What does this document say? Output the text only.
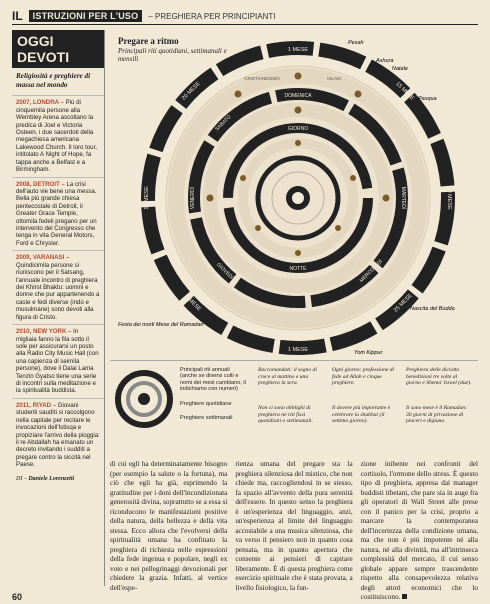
IL	ISTRUZIONI PER L'USO	– PREGHIERA PER PRINCIPIANTI
OGGI DEVOTI
Religiosità e preghiere di massa nel mondo
2007, LONDRA – Più di cinquemila persone alla Wembley Arena ascoltano la predica di Joel e Victoria Osteen, i due sacerdoti della megachiesa americana Lakewood Church. Il loro tour, intitolato A Night of Hope, fa tappa anche a Belfast e a Birmingham.
2008, DETROIT – La crisi dell'auto vie bene una messa. Bella più grande chiesa pentecostale di Detroit, il Greater Grace Temple, ottomila fedeli pregano per un intervento del Congresso che tenga in vita General Motors, Ford e Chrysler.
2009, VARANASI – Quindicimila persone si riuniscono per il Satsang, l'annuale incontro di preghiera dei Khirst Bhaktu: uomini e donne che pur appartenendo a caste e fedi diverse (indù e musulmane) sono devoti alla figura di Cristo.
2010, NEW YORK – In migliaia fanno la fila sotto il sole per assicurarsi un posto alla Radio City Music Hall (con una capienza di seimila persone), dove il Dalai Lama Tenzin Gyatso tiene una serie di incontri sulla meditazione e la spiritualità buddista.
2011, RIYAD – Giovani studenti saudìti si raccolgono nella capitale per recitare le invocazioni dell'Istisqa e propiziare l'arrivo della pioggia: il re Abdallah ha emanato un decreto invitando i sudditi a pregare contro la siccità nel Paese.
DI – Daniele Lorenzetti
Pregare a ritmo
Principali riti quotidiani, settimanali e mensili
1 MESE
1 MESE
30 MESE
10 MESE
15 MESE
20 MESE
5 MESE	25 MESE
DOMENICA
SABATO
MARTEDÌ
MERCOLEDÌ
GIOVEDÌ
VENERDÌ
GIORNO
NOTTE
CRISTIANESIMO	ISLAM
Pesah
Ashura
Natale
Pasqua
Nascita del Budda
Yom Kippur
Festa dei morti Mese del Ramadan
Principali riti annuali (anche se diversi culti e nomi dei mesi cambiano, li indichiamo con numeri)
Preghiere quotidiane
Preghiere settimanali
Raccomandati: il segno di croce al mattino e una preghiera la sera.
Ogni giorno: professione di fede ad Allah e cinque preghiere.
Preghiera delle diciotto benedizioni tre volte al giorno e Shema' Israel (due).
Non ci sono obblighi di preghiera né riti fissi quotidiani o settimanali.
Il dovere più importante è celebrare la shabbat (il settimo giorno).
Il sono mese è il Ramadan: 30 giorni di privazione di piaceri e digiuno.
di cui egli ha determinatamente bisogno (per esempio la salute o la fortuna), ma ciò che egli ha già, esprimendo la gratitudine per i doni dell'incondizionata generosità divina, soprattutto se a essa si riconducono le manifestazioni positive della natura, della bellezza e della vita stessa. Ecco allora che l'evolversi della spiritualità umana ha confinato la preghiera di richiesta nelle espressioni della fede ingenua e popolare, negli ex voto e nei pellegrinaggi devozionali per chiedere la grazia. Infatti, al vertice dell'espe-
rienza umana del pregare sta la preghiera silenziosa del mistico, che non chiede ma, raccogliendosi in se stesso, fa spazio all'avvento della pura serenità dell'essere. In questo senso la preghiera è un'esperienza del linguaggio, anzi, un'esperienza al limite del linguaggio accostabile a una musica silenziosa, che va verso il pensiero non in quanto cosa pensata, ma in quanto apertura che consente ai pensieri di capitare liberamente. È di questa preghiera come esercizio spirituale che è stata provata, a livello fisiologico, la fun-
zione inibente nei confronti del cortisolo, l'ormone dello stress. È questo tipo di preghiera, appresa dai manager buddisti tibetani, che pare sia in auge fra gli operatori di Wall Street alle prese con il panico per la crisi, proprio a marcare la contemporanea dell'incertezza della condizione umana, ma che non è più impotente né alla natura, né alla divinità, ma all'intrinseca complessità del mercato, il cui senso globale appare sempre trascendente rispetto alla consapevolezza relativa degli attori economici che lo costituiscono.
60
